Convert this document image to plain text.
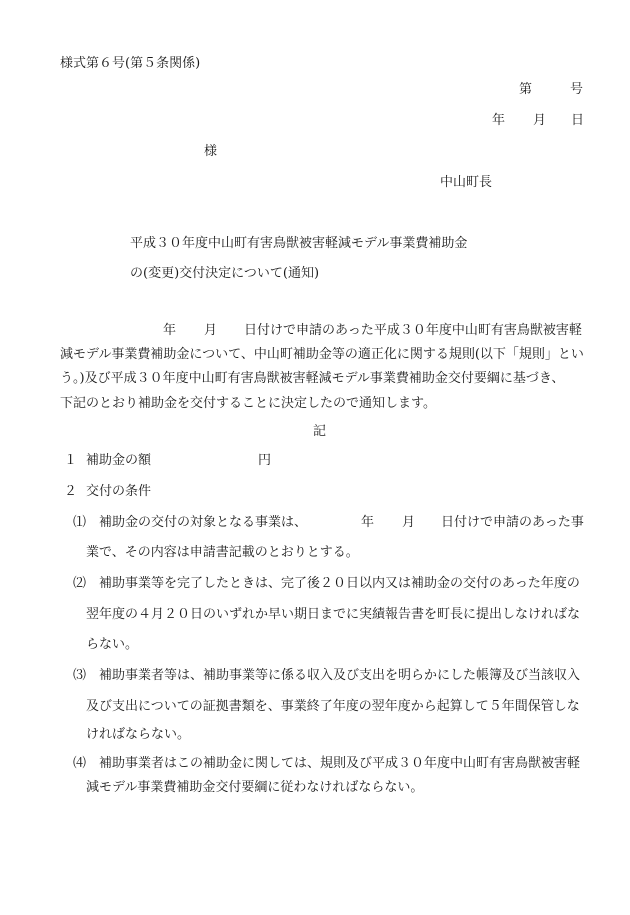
様式第６号(第５条関係)
第	号
年 月 日
様
中山町長
平成３０年度中山町有害鳥獣被害軽減モデル事業費補助金
の(変更)交付決定について(通知)
年 月 日付けで申請のあった平成３０年度中山町有害鳥獣被害軽
減モデル事業費補助金について、中山町補助金等の適正化に関する規則(以下「規則」とい
う。)及び平成３０年度中山町有害鳥獣被害軽減モデル事業費補助金交付要綱に基づき、
下記のとおり補助金を交付することに決定したので通知します。
記
１ 補助金の額	円
２ 交付の条件
⑴ 補助金の交付の対象となる事業は、	年 月 日付けで申請のあった事
業で、その内容は申請書記載のとおりとする。
⑵ 補助事業等を完了したときは、完了後２０日以内又は補助金の交付のあった年度の
翌年度の４月２０日のいずれか早い期日までに実績報告書を町長に提出しなければな
らない。
⑶ 補助事業者等は、補助事業等に係る収入及び支出を明らかにした帳簿及び当該収入
及び支出についての証拠書類を、事業終了年度の翌年度から起算して５年間保管しな
ければならない。
⑷ 補助事業者はこの補助金に関しては、規則及び平成３０年度中山町有害鳥獣被害軽
減モデル事業費補助金交付要綱に従わなければならない。
